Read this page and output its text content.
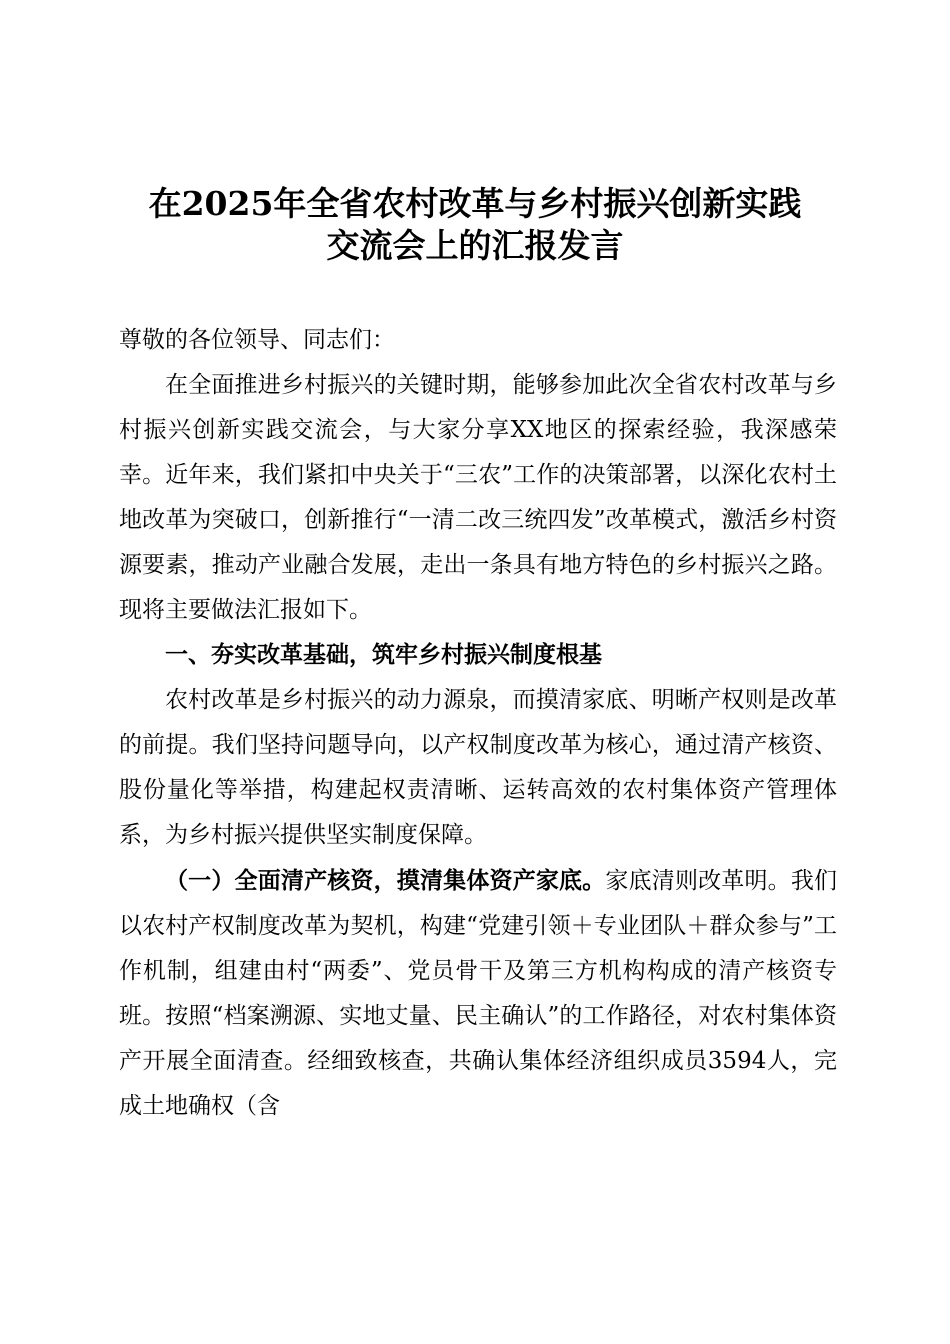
在2025年全省农村改革与乡村振兴创新实践
交流会上的汇报发言

尊敬的各位领导、同志们：

在全面推进乡村振兴的关键时期，能够参加此次全省农村改革与乡村振兴创新实践交流会，与大家分享XX地区的探索经验，我深感荣幸。近年来，我们紧扣中央关于“三农”工作的决策部署，以深化农村土地改革为突破口，创新推行“一清二改三统四发”改革模式，激活乡村资源要素，推动产业融合发展，走出一条具有地方特色的乡村振兴之路。现将主要做法汇报如下。

一、夯实改革基础，筑牢乡村振兴制度根基

农村改革是乡村振兴的动力源泉，而摸清家底、明晰产权则是改革的前提。我们坚持问题导向，以产权制度改革为核心，通过清产核资、股份量化等举措，构建起权责清晰、运转高效的农村集体资产管理体系，为乡村振兴提供坚实制度保障。

（一）全面清产核资，摸清集体资产家底。家底清则改革明。我们以农村产权制度改革为契机，构建“党建引领＋专业团队＋群众参与”工作机制，组建由村“两委”、党员骨干及第三方机构构成的清产核资专班。按照“档案溯源、实地丈量、民主确认”的工作路径，对农村集体资产开展全面清查。经细致核查，共确认集体经济组织成员3594人，完成土地确权（含
